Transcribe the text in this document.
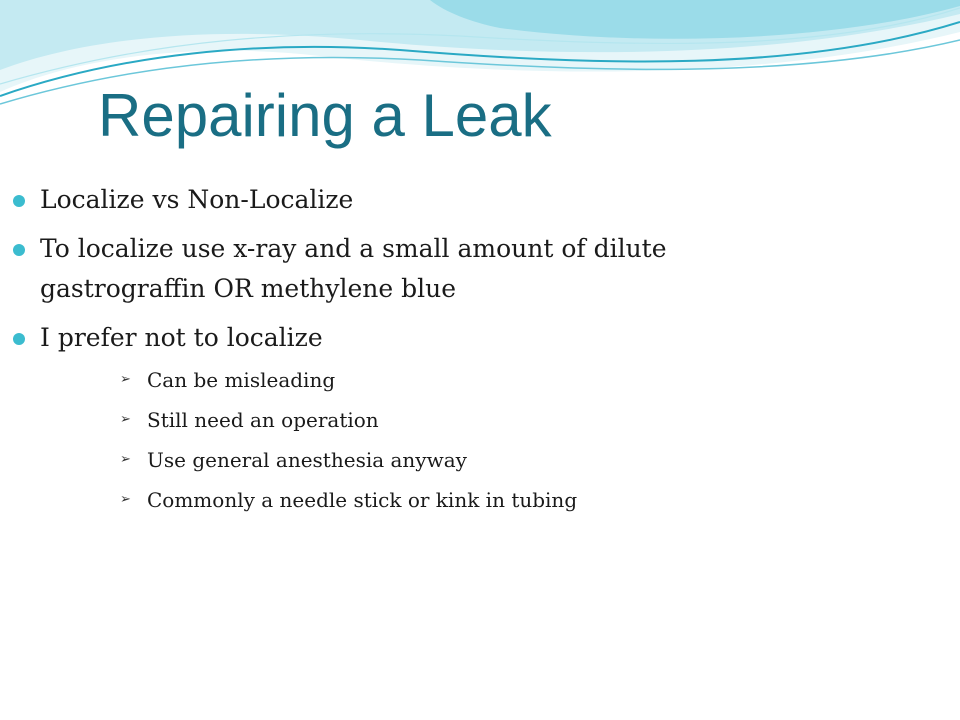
Repairing a Leak
Localize vs Non-Localize
To localize use x-ray and a small amount of dilute gastrograffin OR methylene blue
I prefer not to localize
➢ Can be misleading
➢ Still need an operation
➢ Use general anesthesia anyway
➢ Commonly a needle stick or kink in tubing
